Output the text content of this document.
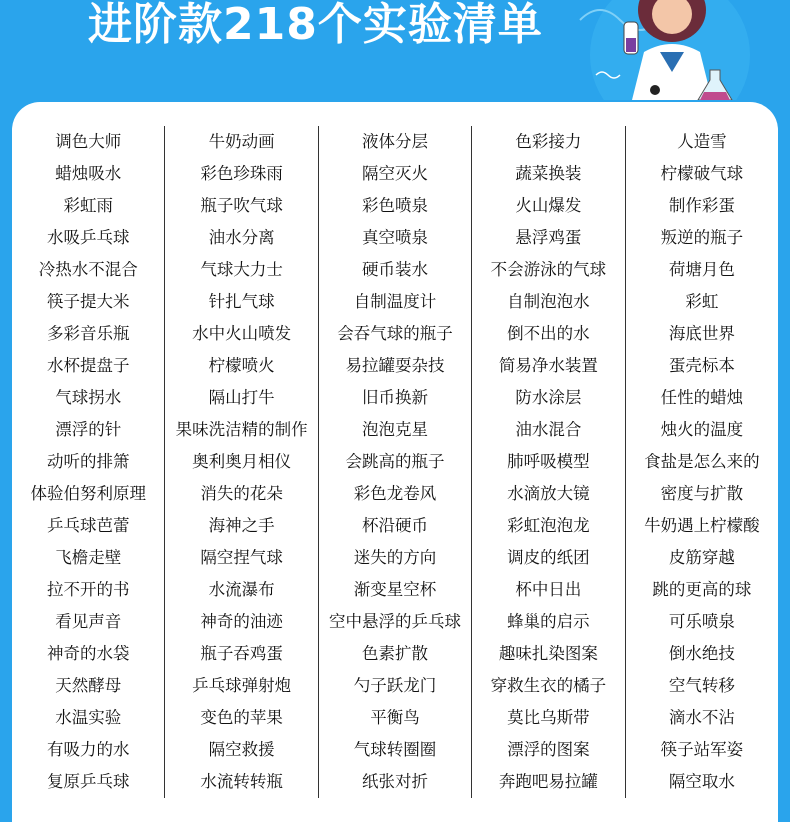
进阶款218个实验清单
调色大师
蜡烛吸水
彩虹雨
水吸乒乓球
冷热水不混合
筷子提大米
多彩音乐瓶
水杯提盘子
气球拐水
漂浮的针
动听的排箫
体验伯努利原理
乒乓球芭蕾
飞檐走壁
拉不开的书
看见声音
神奇的水袋
天然酵母
水温实验
有吸力的水
复原乒乓球
牛奶动画
彩色珍珠雨
瓶子吹气球
油水分离
气球大力士
针扎气球
水中火山喷发
柠檬喷火
隔山打牛
果味洗洁精的制作
奥利奥月相仪
消失的花朵
海神之手
隔空捏气球
水流瀑布
神奇的油迹
瓶子吞鸡蛋
乒乓球弹射炮
变色的苹果
隔空救援
水流转转瓶
液体分层
隔空灭火
彩色喷泉
真空喷泉
硬币装水
自制温度计
会吞气球的瓶子
易拉罐耍杂技
旧币换新
泡泡克星
会跳高的瓶子
彩色龙卷风
杯沿硬币
迷失的方向
渐变星空杯
空中悬浮的乒乓球
色素扩散
勺子跃龙门
平衡鸟
气球转圈圈
纸张对折
色彩接力
蔬菜换装
火山爆发
悬浮鸡蛋
不会游泳的气球
自制泡泡水
倒不出的水
简易净水装置
防水涂层
油水混合
肺呼吸模型
水滴放大镜
彩虹泡泡龙
调皮的纸团
杯中日出
蜂巢的启示
趣味扎染图案
穿救生衣的橘子
莫比乌斯带
漂浮的图案
奔跑吧易拉罐
人造雪
柠檬破气球
制作彩蛋
叛逆的瓶子
荷塘月色
彩虹
海底世界
蛋壳标本
任性的蜡烛
烛火的温度
食盐是怎么来的
密度与扩散
牛奶遇上柠檬酸
皮筋穿越
跳的更高的球
可乐喷泉
倒水绝技
空气转移
滴水不沾
筷子站军姿
隔空取水
